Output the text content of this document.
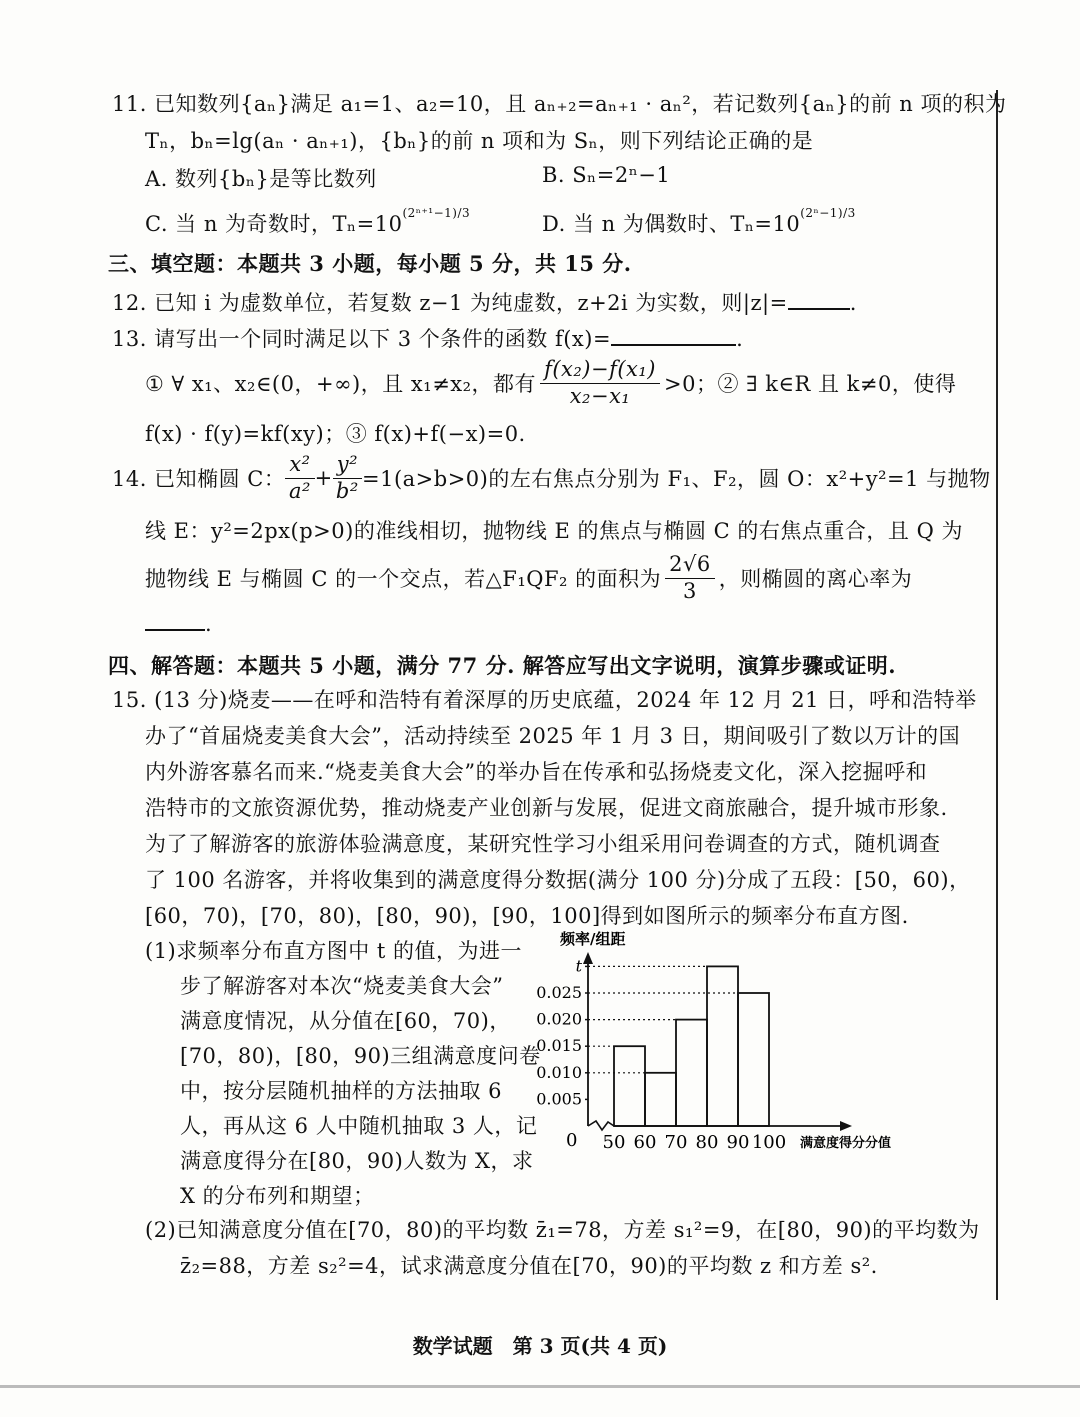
11. 已知数列{aₙ}满足 a₁=1、a₂=10，且 aₙ₊₂=aₙ₊₁ · aₙ²，若记数列{aₙ}的前 n 项的积为
Tₙ，bₙ=lg(aₙ · aₙ₊₁)，{bₙ}的前 n 项和为 Sₙ，则下列结论正确的是
A. 数列{bₙ}是等比数列	B. Sₙ=2ⁿ−1
C. 当 n 为奇数时，$T_n=10^{(2^{n+1}-1)/3}$	D. 当 n 为偶数时、$T_n=10^{(2^n-1)/3}$
三、填空题：本题共 3 小题，每小题 5 分，共 15 分.
12. 已知 i 为虚数单位，若复数 z−1 为纯虚数，z+2i 为实数，则|z|=	.
13. 请写出一个同时满足以下 3 个条件的函数 f(x)=	.
① ∀ x₁、x₂∈(0，+∞)，且 x₁≠x₂，都有 $\frac{\text{f(x₂)−f(x₁)}}{\text{x₂−x₁}} >0$；② ∃ k∈R 且 k≠0，使得
f(x) · f(y)=kf(xy)；③ f(x)+f(−x)=0.
14. 已知椭圆 C： $\frac{\text{x²}}{\text{a²}} + \frac{\text{y²}}{\text{b²}} =1(a>b>0)$的左右焦点分别为 F₁、F₂，圆 O：x²+y²=1 与抛物
线 E：y²=2px(p>0)的准线相切，抛物线 E 的焦点与椭圆 C 的右焦点重合，且 Q 为
抛物线 E 与椭圆 C 的一个交点，若△F₁QF₂ 的面积为 $\frac{2√6}{3}$ ，则椭圆的离心率为
.
四、解答题：本题共 5 小题，满分 77 分. 解答应写出文字说明，演算步骤或证明.
15. (13 分)烧麦——在呼和浩特有着深厚的历史底蕴，2024 年 12 月 21 日，呼和浩特举
办了“首届烧麦美食大会”，活动持续至 2025 年 1 月 3 日，期间吸引了数以万计的国
内外游客慕名而来.“烧麦美食大会”的举办旨在传承和弘扬烧麦文化，深入挖掘呼和
浩特市的文旅资源优势，推动烧麦产业创新与发展，促进文商旅融合，提升城市形象.
为了了解游客的旅游体验满意度，某研究性学习小组采用问卷调查的方式，随机调查
了 100 名游客，并将收集到的满意度得分数据(满分 100 分)分成了五段：[50，60)，
[60，70)，[70，80)，[80，90)，[90，100]得到如图所示的频率分布直方图.
(1)求频率分布直方图中 t 的值，为进一
步了解游客对本次“烧麦美食大会”
满意度情况，从分值在[60，70)，
[70，80)，[80，90)三组满意度问卷
中，按分层随机抽样的方法抽取 6
人，再从这 6 人中随机抽取 3 人，记
满意度得分在[80，90)人数为 X，求
X 的分布列和期望；
频率/组距
满意度得分分值
0
0.005
0.010
0.015
0.020
0.025
t
50 60 70 80 90 100
(2)已知满意度分值在[70，80)的平均数 z̄₁=78，方差 s₁²=9，在[80，90)的平均数为
z̄₂=88，方差 s₂²=4，试求满意度分值在[70，90)的平均数 z 和方差 s².
数学试题　第 3 页(共 4 页)
